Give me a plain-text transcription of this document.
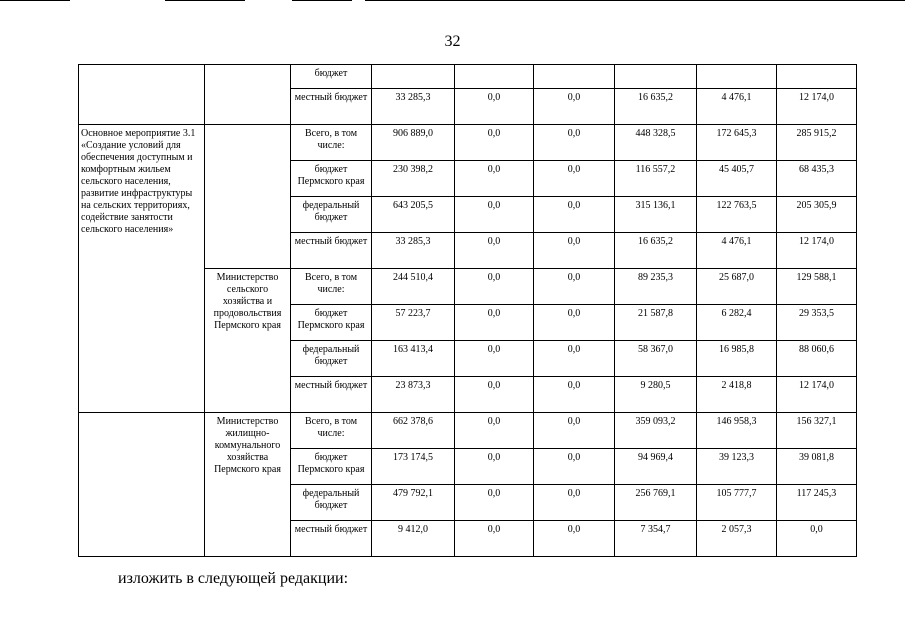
32
		бюджет						
		местный бюджет	33 285,3	0,0	0,0	16 635,2	4 476,1	12 174,0
Основное мероприятие 3.1 «Создание условий для обеспечения доступным и комфортным жильем сельского населения, развитие инфраструктуры на сельских территориях, содействие занятости сельского населения»		Всего, в том числе:	906 889,0	0,0	0,0	448 328,5	172 645,3	285 915,2
		бюджет Пермского края	230 398,2	0,0	0,0	116 557,2	45 405,7	68 435,3
		федеральный бюджет	643 205,5	0,0	0,0	315 136,1	122 763,5	205 305,9
		местный бюджет	33 285,3	0,0	0,0	16 635,2	4 476,1	12 174,0
	Министерство сельского хозяйства и продовольствия Пермского края	Всего, в том числе:	244 510,4	0,0	0,0	89 235,3	25 687,0	129 588,1
		бюджет Пермского края	57 223,7	0,0	0,0	21 587,8	6 282,4	29 353,5
		федеральный бюджет	163 413,4	0,0	0,0	58 367,0	16 985,8	88 060,6
		местный бюджет	23 873,3	0,0	0,0	9 280,5	2 418,8	12 174,0
	Министерство жилищно-коммунального хозяйства Пермского края	Всего, в том числе:	662 378,6	0,0	0,0	359 093,2	146 958,3	156 327,1
		бюджет Пермского края	173 174,5	0,0	0,0	94 969,4	39 123,3	39 081,8
		федеральный бюджет	479 792,1	0,0	0,0	256 769,1	105 777,7	117 245,3
		местный бюджет	9 412,0	0,0	0,0	7 354,7	2 057,3	0,0
изложить в следующей редакции:
